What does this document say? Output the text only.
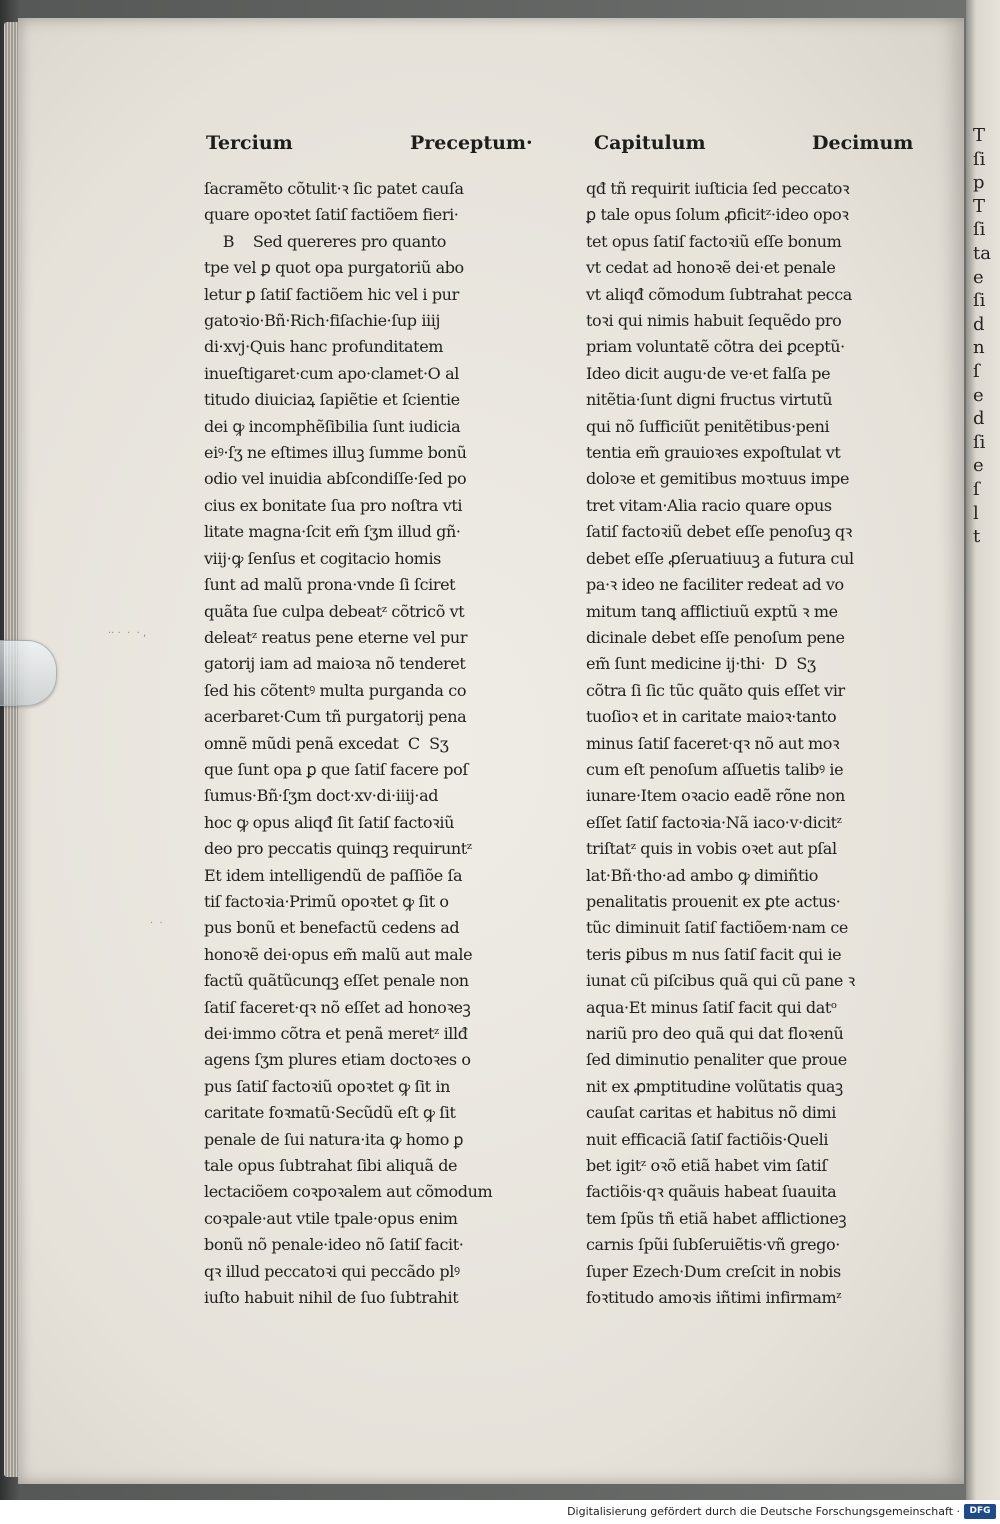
T
ſi
p
T
ſi
ta
e
ſi
d
n
ſ
e
d
ſi
e
ſ
l
t
Tercium	Preceptum·	Capitulum	Decimum
ſacramẽto cõtulit·ꝛ ſic patet cauſa
quare opoꝛtet ſatiſ factiõem fieri·
B    Sed quereres pro quanto
tpe vel ꝑ quot opa purgatoriũ abo
letur ꝑ ſatiſ factiõem hic vel i pur
gatoꝛio·Bñ·Rich·fiſachie·ſup iiij
di·xvj·Quis hanc profunditatem
inueſtigaret·cum apo·clamet·O al
titudo diuiciaꝝ ſapiẽtie et ſcientie
dei ꝙ incomphẽſibilia ſunt iudicia
eiꝰ·ſʒ ne eſtimes illuꝫ ſumme bonũ
odio vel inuidia abſcondiſſe·ſed po
cius ex bonitate ſua pro noſtra vti
litate magna·ſcit em̃ ſʒm illud gñ·
viij·ꝙ ſenſus et cogitacio homis
ſunt ad malũ prona·vnde ſi ſciret
quãta ſue culpa debeatᶻ cõtricõ vt
deleatᶻ reatus pene eterne vel pur
gatorij iam ad maioꝛa nõ tenderet
ſed his cõtentꝰ multa purganda co
acerbaret·Cum tñ purgatorij pena
omnẽ mũdi penã excedat  C  Sʒ
que ſunt opa ꝑ que ſatiſ facere poſ
ſumus·Bñ·ſʒm doct·xv·di·iiij·ad
hoc ꝙ opus aliqđ ſit ſatiſ factoꝛiũ
deo pro peccatis quinqꝫ requiruntᶻ
Et idem intelligendũ de paſſiõe ſa
tiſ factoꝛia·Primũ opoꝛtet ꝙ ſit o
pus bonũ et benefactũ cedens ad
honoꝛẽ dei·opus em̃ malũ aut male
factũ quãtũcunqꝫ eſſet penale non
ſatiſ faceret·qꝛ nõ eſſet ad honoꝛeꝫ
dei·immo cõtra et penã meretᶻ illđ
agens ſʒm plures etiam doctoꝛes o
pus ſatiſ factoꝛiũ opoꝛtet ꝙ ſit in
caritate foꝛmatũ·Secũdũ eſt ꝙ ſit
penale de ſui natura·ita ꝙ homo ꝑ
tale opus ſubtrahat ſibi aliquã de
lectaciõem coꝛpoꝛalem aut cõmodum
coꝛpale·aut vtile tpale·opus enim
bonũ nõ penale·ideo nõ ſatiſ facit·
qꝛ illud peccatoꝛi qui peccãdo plꝰ
iuſto habuit nihil de ſuo ſubtrahit
qđ tñ requirit iuſticia ſed peccatoꝛ
ꝑ tale opus ſolum ꝓficitᶻ·ideo opoꝛ
tet opus ſatiſ factoꝛiũ eſſe bonum
vt cedat ad honoꝛẽ dei·et penale
vt aliqđ cõmodum ſubtrahat pecca
toꝛi qui nimis habuit ſequẽdo pro
priam voluntatẽ cõtra dei ꝑceptũ·
Ideo dicit augu·de ve·et falſa pe
nitẽtia·ſunt digni fructus virtutũ
qui nõ ſufficiũt penitẽtibus·peni
tentia em̃ grauioꝛes expoſtulat vt
doloꝛe et gemitibus moꝛtuus impe
tret vitam·Alia racio quare opus
ſatiſ factoꝛiũ debet eſſe penoſuꝫ qꝛ
debet eſſe ꝓſeruatiuuꝫ a futura cul
pa·ꝛ ideo ne faciliter redeat ad vo
mitum tanꝗ afflictiuũ exptũ ꝛ me
dicinale debet eſſe penoſum pene
em̃ ſunt medicine ij·thi·  D  Sʒ
cõtra ſi ſic tũc quãto quis eſſet vir
tuoſioꝛ et in caritate maioꝛ·tanto
minus ſatiſ faceret·qꝛ nõ aut moꝛ
cum eſt penoſum aſſuetis talibꝰ ie
iunare·Item oꝛacio eadẽ rõne non
eſſet ſatiſ factoꝛia·Nã iaco·v·dicitᶻ
triſtatᶻ quis in vobis oꝛet aut pſal
lat·Bñ·tho·ad ambo ꝙ dimiñtio
penalitatis prouenit ex ꝑte actus·
tũc diminuit ſatiſ factiõem·nam ce
teris ꝑibus m nus ſatiſ facit qui ie
iunat cũ piſcibus quã qui cũ pane ꝛ
aqua·Et minus ſatiſ facit qui datᵒ
nariũ pro deo quã qui dat floꝛenũ
ſed diminutio penaliter que proue
nit ex ꝓmptitudine volũtatis quaꝫ
cauſat caritas et habitus nõ dimi
nuit efficaciã ſatiſ factiõis·Queli
bet igitᶻ oꝛõ etiã habet vim ſatiſ
factiõis·qꝛ quãuis habeat ſuauita
tem ſpũs tñ etiã habet afflictioneꝫ
carnis ſpũi ſubſeruiẽtis·vñ grego·
ſuper Ezech·Dum creſcit in nobis
foꝛtitudo amoꝛis iñtimi infirmamᶻ
·· ·  ·  · ,
·  ·
Digitalisierung gefördert durch die Deutsche Forschungsgemeinschaft ·	DFG
